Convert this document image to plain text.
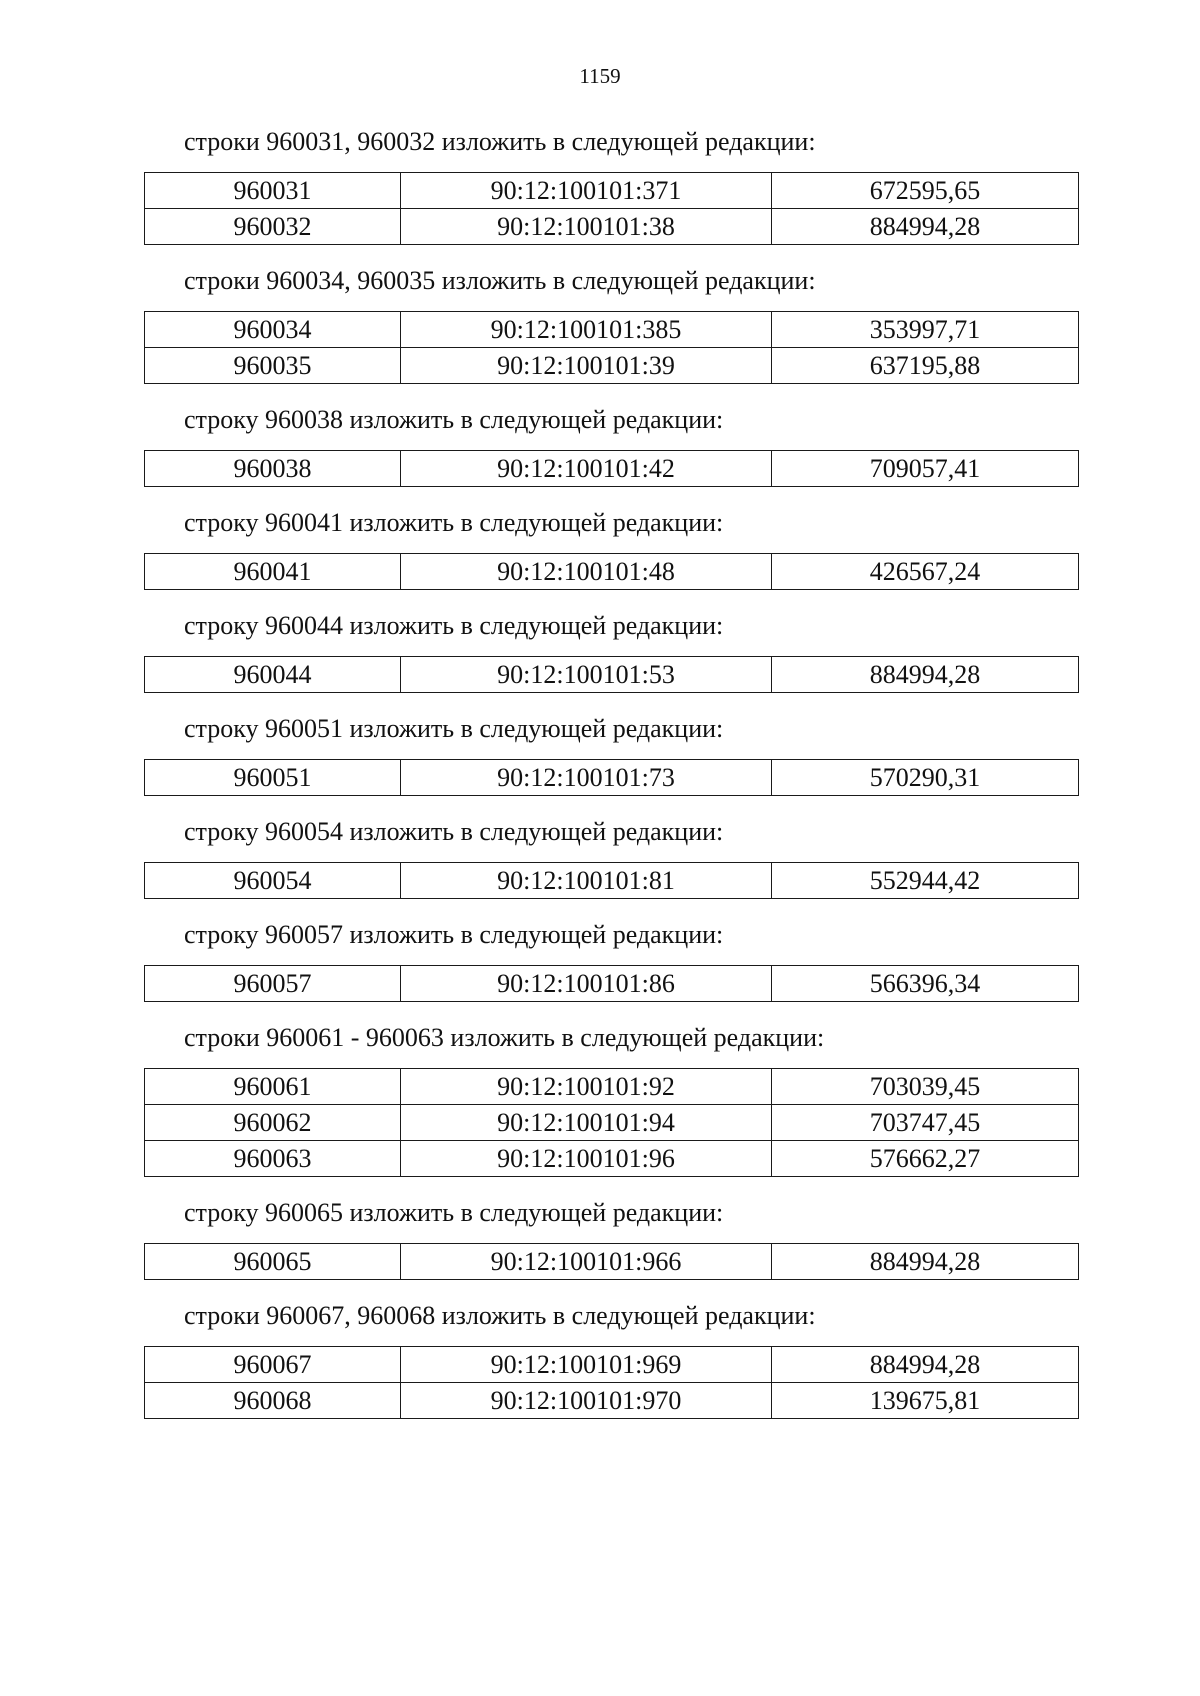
1159

строки 960031, 960032 изложить в следующей редакции:

960031	90:12:100101:371	672595,65
960032	90:12:100101:38	884994,28

строки 960034, 960035 изложить в следующей редакции:

960034	90:12:100101:385	353997,71
960035	90:12:100101:39	637195,88

строку 960038 изложить в следующей редакции:

960038	90:12:100101:42	709057,41

строку 960041 изложить в следующей редакции:

960041	90:12:100101:48	426567,24

строку 960044 изложить в следующей редакции:

960044	90:12:100101:53	884994,28

строку 960051 изложить в следующей редакции:

960051	90:12:100101:73	570290,31

строку 960054 изложить в следующей редакции:

960054	90:12:100101:81	552944,42

строку 960057 изложить в следующей редакции:

960057	90:12:100101:86	566396,34

строки 960061 - 960063 изложить в следующей редакции:

960061	90:12:100101:92	703039,45
960062	90:12:100101:94	703747,45
960063	90:12:100101:96	576662,27

строку 960065 изложить в следующей редакции:

960065	90:12:100101:966	884994,28

строки 960067, 960068 изложить в следующей редакции:

960067	90:12:100101:969	884994,28
960068	90:12:100101:970	139675,81
